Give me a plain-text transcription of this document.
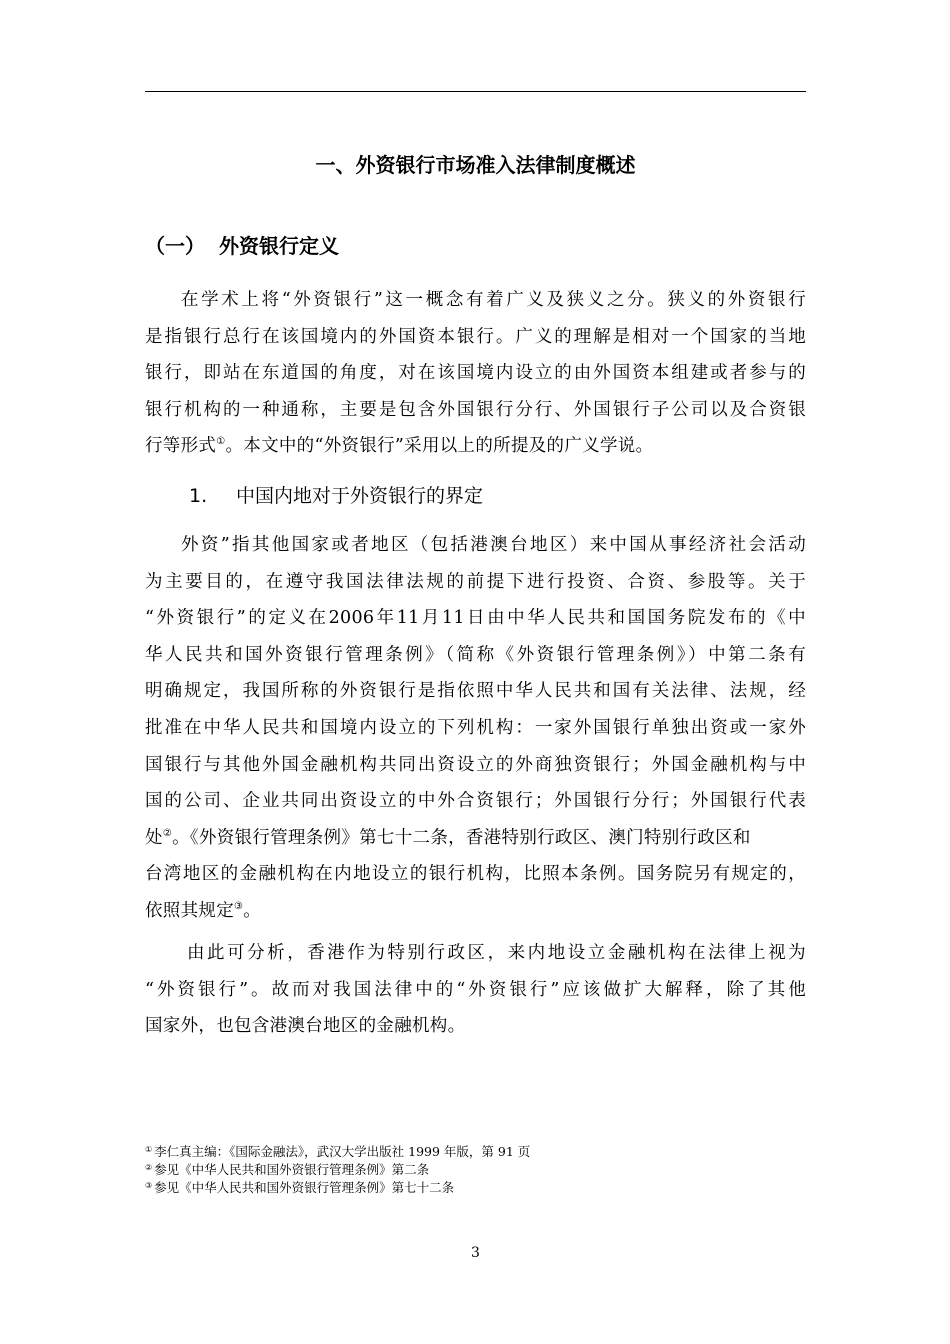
一、外资银行市场准入法律制度概述
（一） 外资银行定义
在学术上将“外资银行”这一概念有着广义及狭义之分。狭义的外资银行
是指银行总行在该国境内的外国资本银行。广义的理解是相对一个国家的当地
银行，即站在东道国的角度，对在该国境内设立的由外国资本组建或者参与的
银行机构的一种通称，主要是包含外国银行分行、外国银行子公司以及合资银
行等形式①。本文中的“外资银行”采用以上的所提及的广义学说。
1. 中国内地对于外资银行的界定
外资”指其他国家或者地区（包括港澳台地区）来中国从事经济社会活动
为主要目的，在遵守我国法律法规的前提下进行投资、合资、参股等。关于
“外资银行”的定义在2006年11月11日由中华人民共和国国务院发布的《中
华人民共和国外资银行管理条例》（简称《外资银行管理条例》）中第二条有
明确规定，我国所称的外资银行是指依照中华人民共和国有关法律、法规，经
批准在中华人民共和国境内设立的下列机构：一家外国银行单独出资或一家外
国银行与其他外国金融机构共同出资设立的外商独资银行；外国金融机构与中
国的公司、企业共同出资设立的中外合资银行；外国银行分行；外国银行代表
处②。《外资银行管理条例》第七十二条，香港特别行政区、澳门特别行政区和
台湾地区的金融机构在内地设立的银行机构，比照本条例。国务院另有规定的，
依照其规定③。
由此可分析，香港作为特别行政区，来内地设立金融机构在法律上视为
“外资银行”。故而对我国法律中的“外资银行”应该做扩大解释，除了其他
国家外，也包含港澳台地区的金融机构。
① 李仁真主编：《国际金融法》，武汉大学出版社 1999 年版，第 91 页
② 参见《中华人民共和国外资银行管理条例》第二条
③ 参见《中华人民共和国外资银行管理条例》第七十二条
3
